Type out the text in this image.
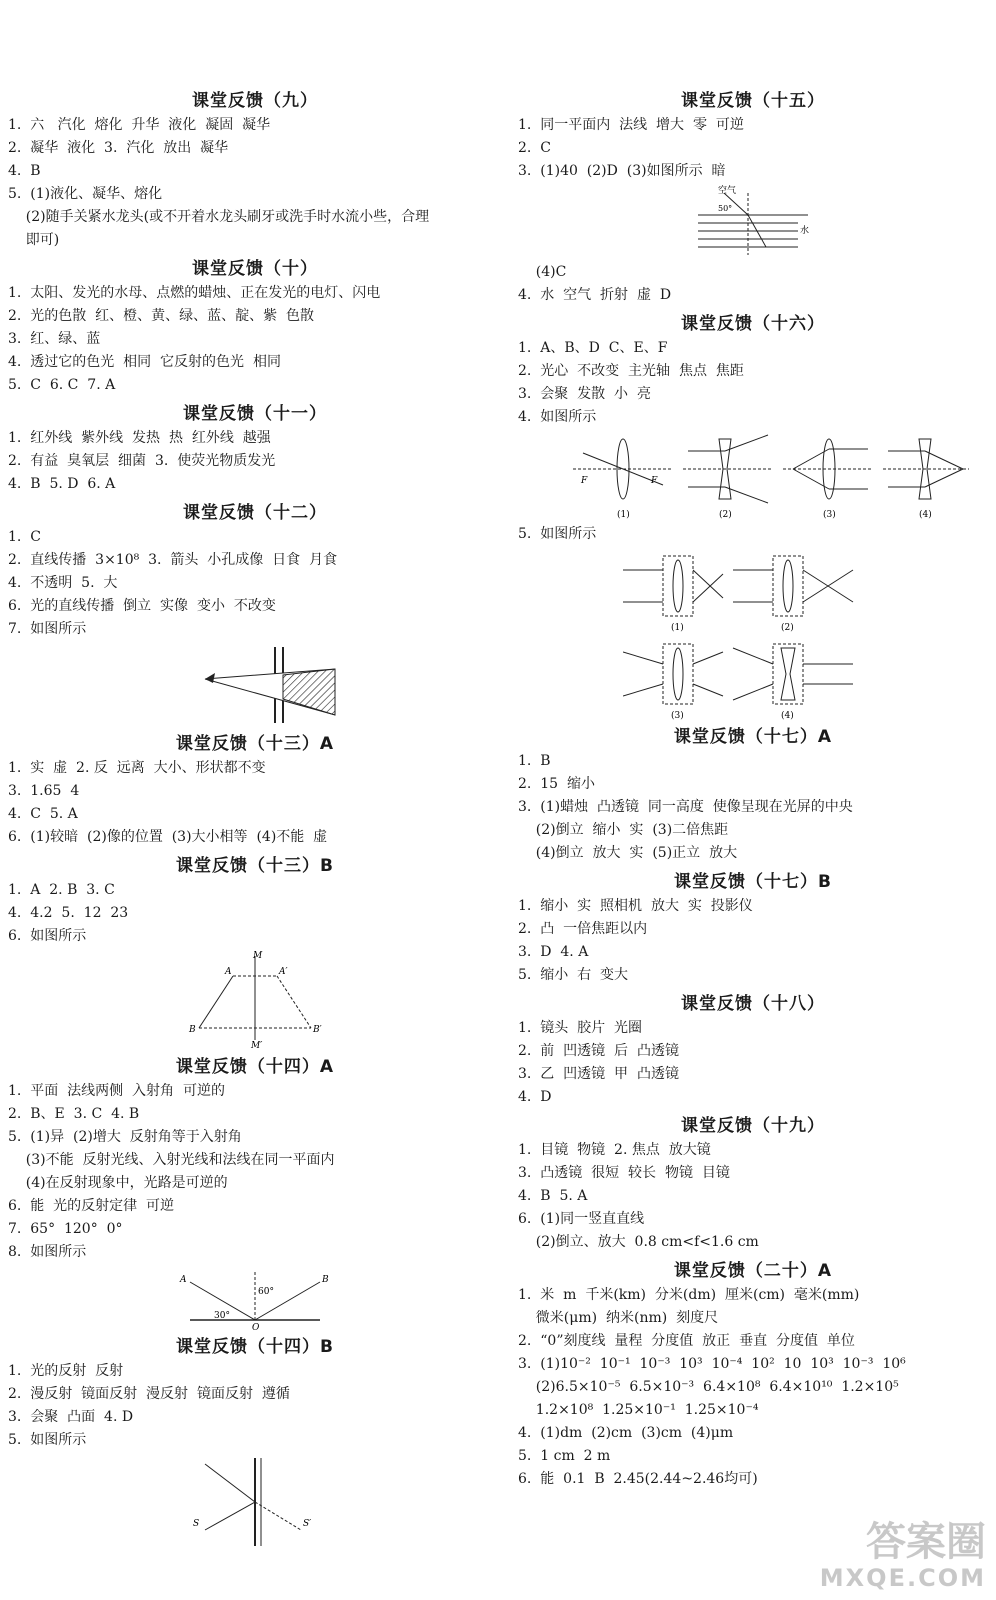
课堂反馈（九）
1.  六   汽化  熔化  升华  液化  凝固  凝华
2.  凝华  液化  3.  汽化  放出  凝华
4.  B
5.  (1)液化、凝华、熔化
(2)随手关紧水龙头(或不开着水龙头刷牙或洗手时水流小些，合理
即可)
课堂反馈（十）
1.  太阳、发光的水母、点燃的蜡烛、正在发光的电灯、闪电
2.  光的色散  红、橙、黄、绿、蓝、靛、紫  色散
3.  红、绿、蓝
4.  透过它的色光  相同  它反射的色光  相同
5.  C  6. C  7. A
课堂反馈（十一）
1.  红外线  紫外线  发热  热  红外线  越强
2.  有益  臭氧层  细菌  3.  使荧光物质发光
4.  B  5. D  6. A
课堂反馈（十二）
1.  C
2.  直线传播  3×10⁸  3.  箭头  小孔成像  日食  月食
4.  不透明  5.  大
6.  光的直线传播  倒立  实像  变小  不改变
7.  如图所示
课堂反馈（十三）A
1.  实  虚  2. 反  远离  大小、形状都不变
3.  1.65  4
4.  C  5. A
6.  (1)较暗  (2)像的位置  (3)大小相等  (4)不能  虚
课堂反馈（十三）B
1.  A  2. B  3. C
4.  4.2  5.  12  23
6.  如图所示
M
A	A′
B	B′
M′
课堂反馈（十四）A
1.  平面  法线两侧  入射角  可逆的
2.  B、E  3. C  4. B
5.  (1)异  (2)增大  反射角等于入射角
(3)不能  反射光线、入射光线和法线在同一平面内
(4)在反射现象中，光路是可逆的
6.  能  光的反射定律  可逆
7.  65°  120°  0°
8.  如图所示
A	B
30°
60°
O
课堂反馈（十四）B
1.  光的反射  反射
2.  漫反射  镜面反射  漫反射  镜面反射  遵循
3.  会聚  凸面  4. D
5.  如图所示
S	S′
课堂反馈（十五）
1.  同一平面内  法线  增大  零  可逆
2.  C
3.  (1)40  (2)D  (3)如图所示  暗
空气
50°
水
(4)C
4.  水  空气  折射  虚  D
课堂反馈（十六）
1.  A、B、D  C、E、F
2.  光心  不改变  主光轴  焦点  焦距
3.  会聚  发散  小  亮
4.  如图所示
F	F
(1)	(2)	(3)	(4)
5.  如图所示
(1)	(2)
(3)	(4)
课堂反馈（十七）A
1.  B
2.  15  缩小
3.  (1)蜡烛  凸透镜  同一高度  使像呈现在光屏的中央
(2)倒立  缩小  实  (3)二倍焦距
(4)倒立  放大  实  (5)正立  放大
课堂反馈（十七）B
1.  缩小  实  照相机  放大  实  投影仪
2.  凸  一倍焦距以内
3.  D  4. A
5.  缩小  右  变大
课堂反馈（十八）
1.  镜头  胶片  光圈
2.  前  凹透镜  后  凸透镜
3.  乙  凹透镜  甲  凸透镜
4.  D
课堂反馈（十九）
1.  目镜  物镜  2. 焦点  放大镜
3.  凸透镜  很短  较长  物镜  目镜
4.  B  5. A
6.  (1)同一竖直直线
(2)倒立、放大  0.8 cm<f<1.6 cm
课堂反馈（二十）A
1.  米  m  千米(km)  分米(dm)  厘米(cm)  毫米(mm)
微米(μm)  纳米(nm)  刻度尺
2.  “0”刻度线  量程  分度值  放正  垂直  分度值  单位
3.  (1)10⁻²  10⁻¹  10⁻³  10³  10⁻⁴  10²  10  10³  10⁻³  10⁶
(2)6.5×10⁻⁵  6.5×10⁻³  6.4×10⁸  6.4×10¹⁰  1.2×10⁵
1.2×10⁸  1.25×10⁻¹  1.25×10⁻⁴
4.  (1)dm  (2)cm  (3)cm  (4)μm
5.  1 cm  2 m
6.  能  0.1  B  2.45(2.44~2.46均可)
答案圈
MXQE.COM
